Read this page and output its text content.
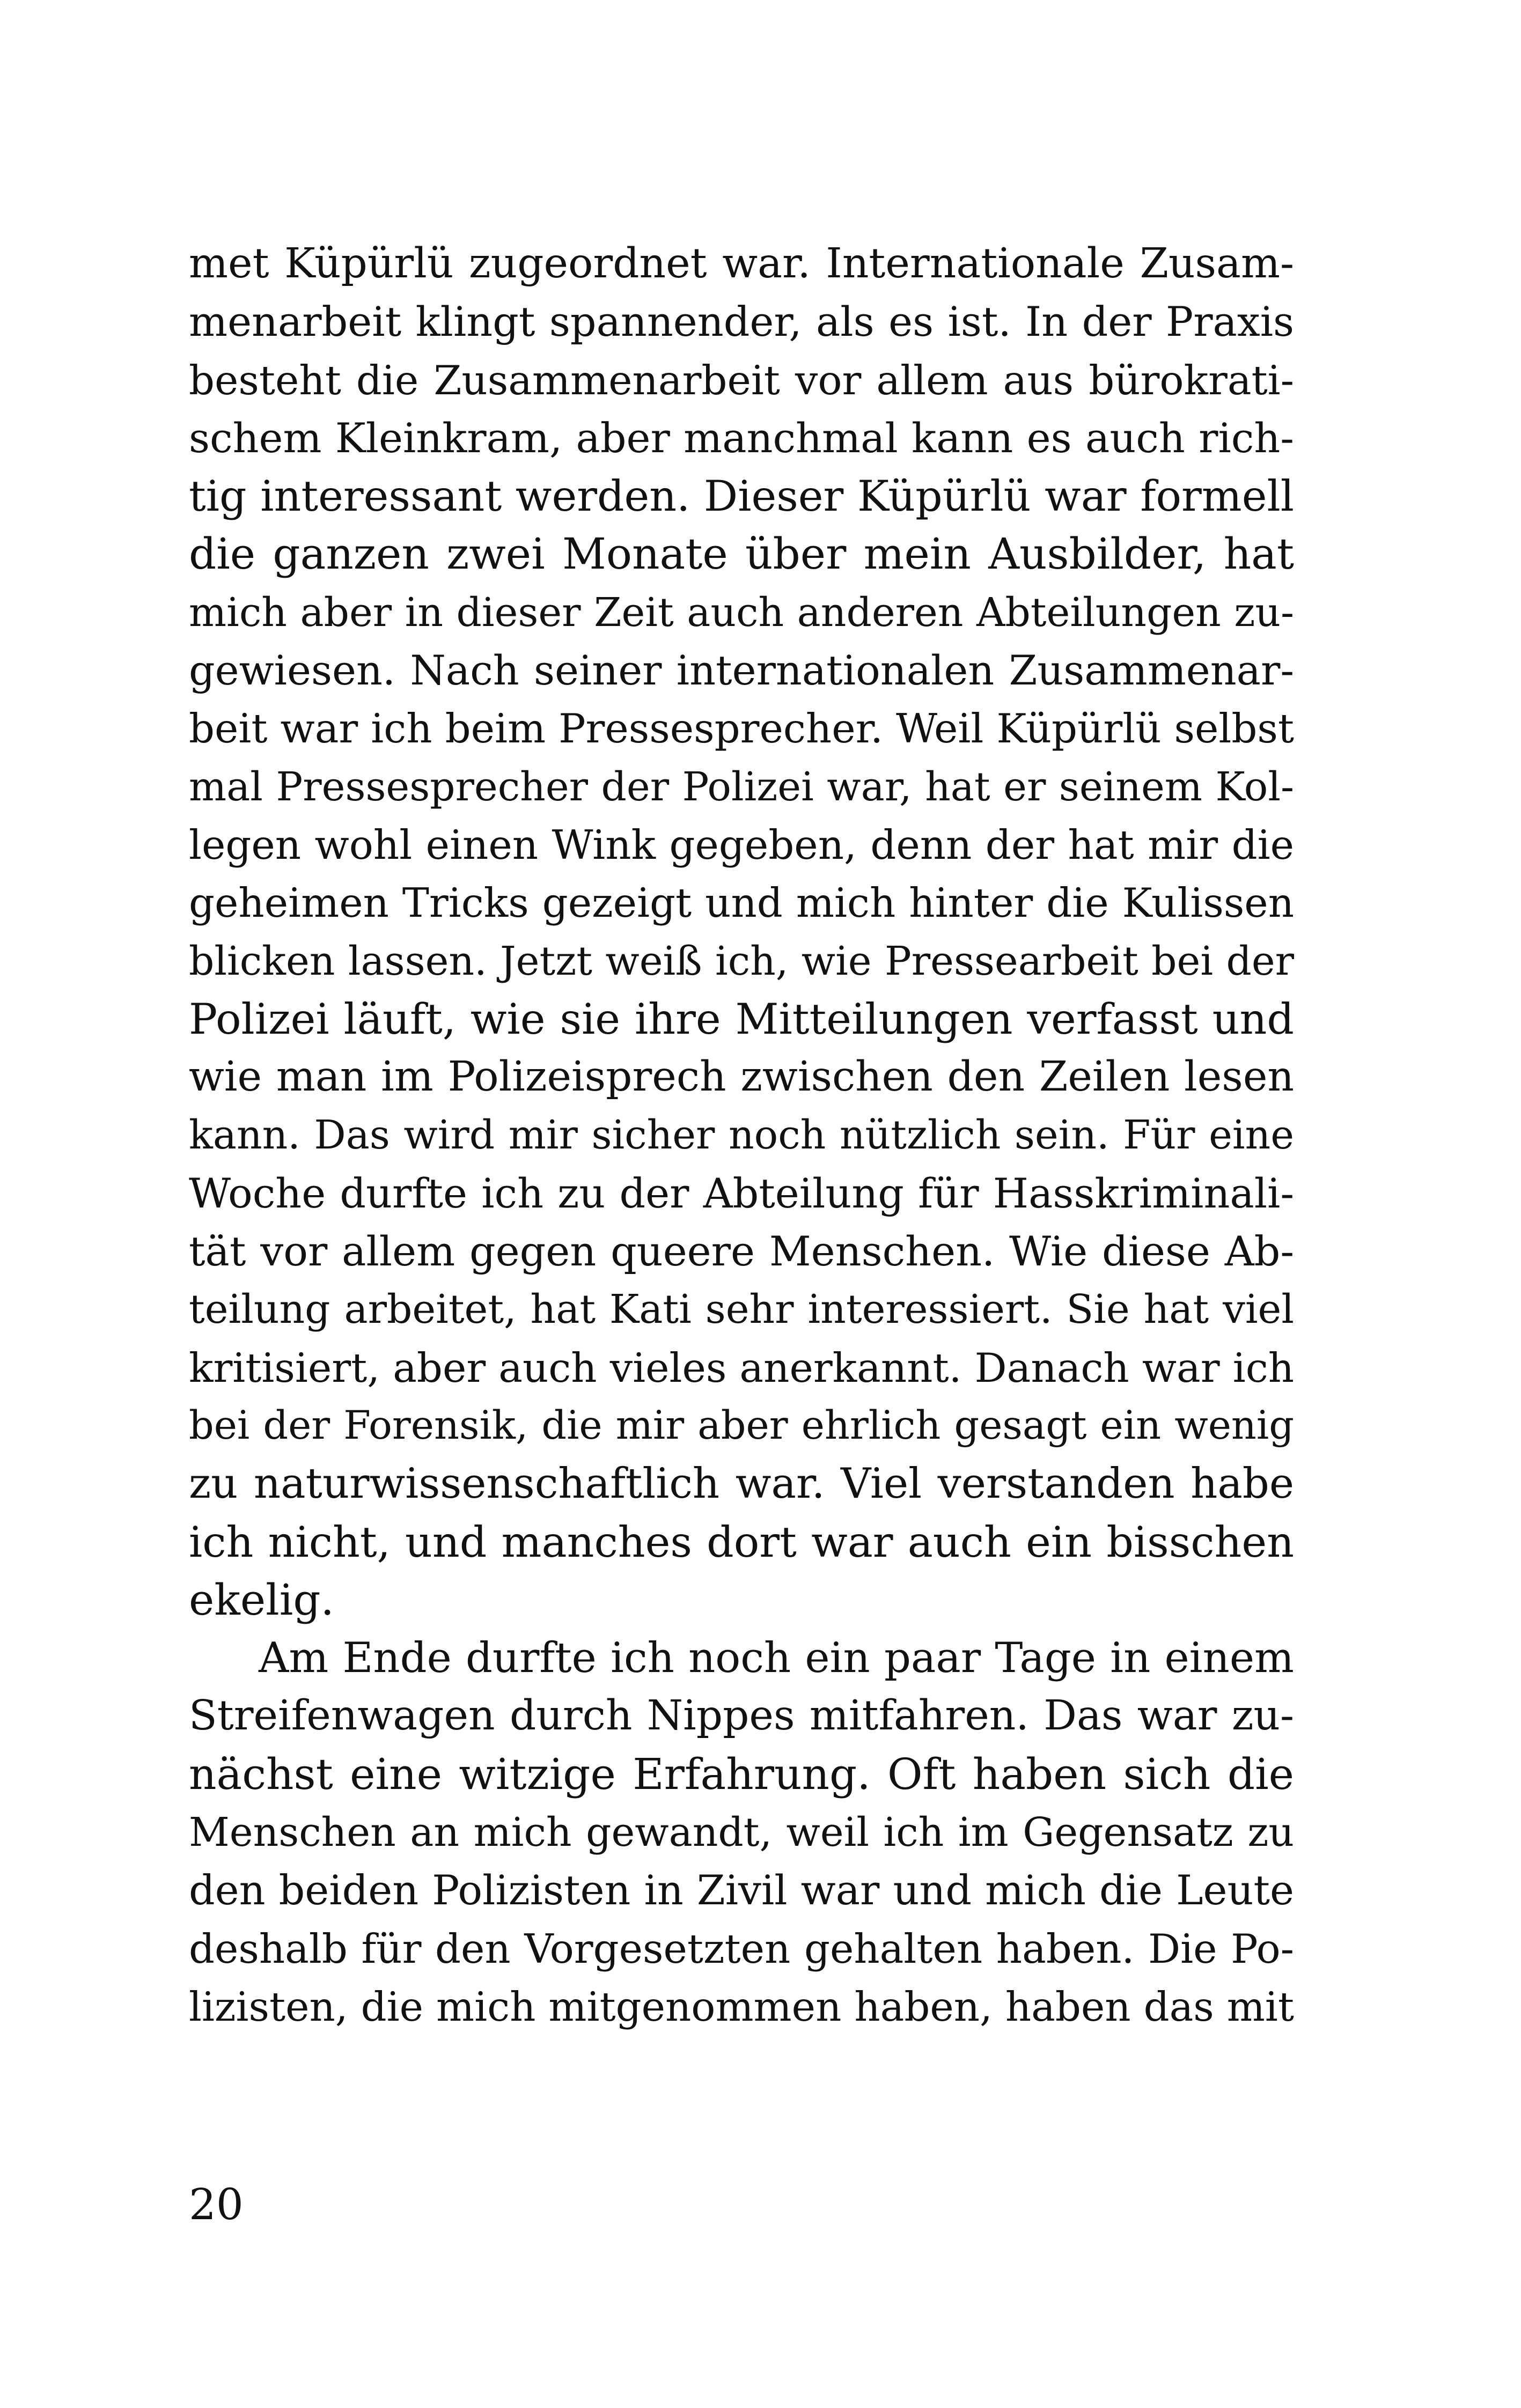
met Küpürlü zugeordnet war. Internationale Zusam-
menarbeit klingt spannender, als es ist. In der Praxis
besteht die Zusammenarbeit vor allem aus bürokrati-
schem Kleinkram, aber manchmal kann es auch rich-
tig interessant werden. Dieser Küpürlü war formell
die ganzen zwei Monate über mein Ausbilder, hat
mich aber in dieser Zeit auch anderen Abteilungen zu-
gewiesen. Nach seiner internationalen Zusammenar-
beit war ich beim Pressesprecher. Weil Küpürlü selbst
mal Pressesprecher der Polizei war, hat er seinem Kol-
legen wohl einen Wink gegeben, denn der hat mir die
geheimen Tricks gezeigt und mich hinter die Kulissen
blicken lassen. Jetzt weiß ich, wie Pressearbeit bei der
Polizei läuft, wie sie ihre Mitteilungen verfasst und
wie man im Polizeisprech zwischen den Zeilen lesen
kann. Das wird mir sicher noch nützlich sein. Für eine
Woche durfte ich zu der Abteilung für Hasskriminali-
tät vor allem gegen queere Menschen. Wie diese Ab-
teilung arbeitet, hat Kati sehr interessiert. Sie hat viel
kritisiert, aber auch vieles anerkannt. Danach war ich
bei der Forensik, die mir aber ehrlich gesagt ein wenig
zu naturwissenschaftlich war. Viel verstanden habe
ich nicht, und manches dort war auch ein bisschen
ekelig.
Am Ende durfte ich noch ein paar Tage in einem
Streifenwagen durch Nippes mitfahren. Das war zu-
nächst eine witzige Erfahrung. Oft haben sich die
Menschen an mich gewandt, weil ich im Gegensatz zu
den beiden Polizisten in Zivil war und mich die Leute
deshalb für den Vorgesetzten gehalten haben. Die Po-
lizisten, die mich mitgenommen haben, haben das mit
20
